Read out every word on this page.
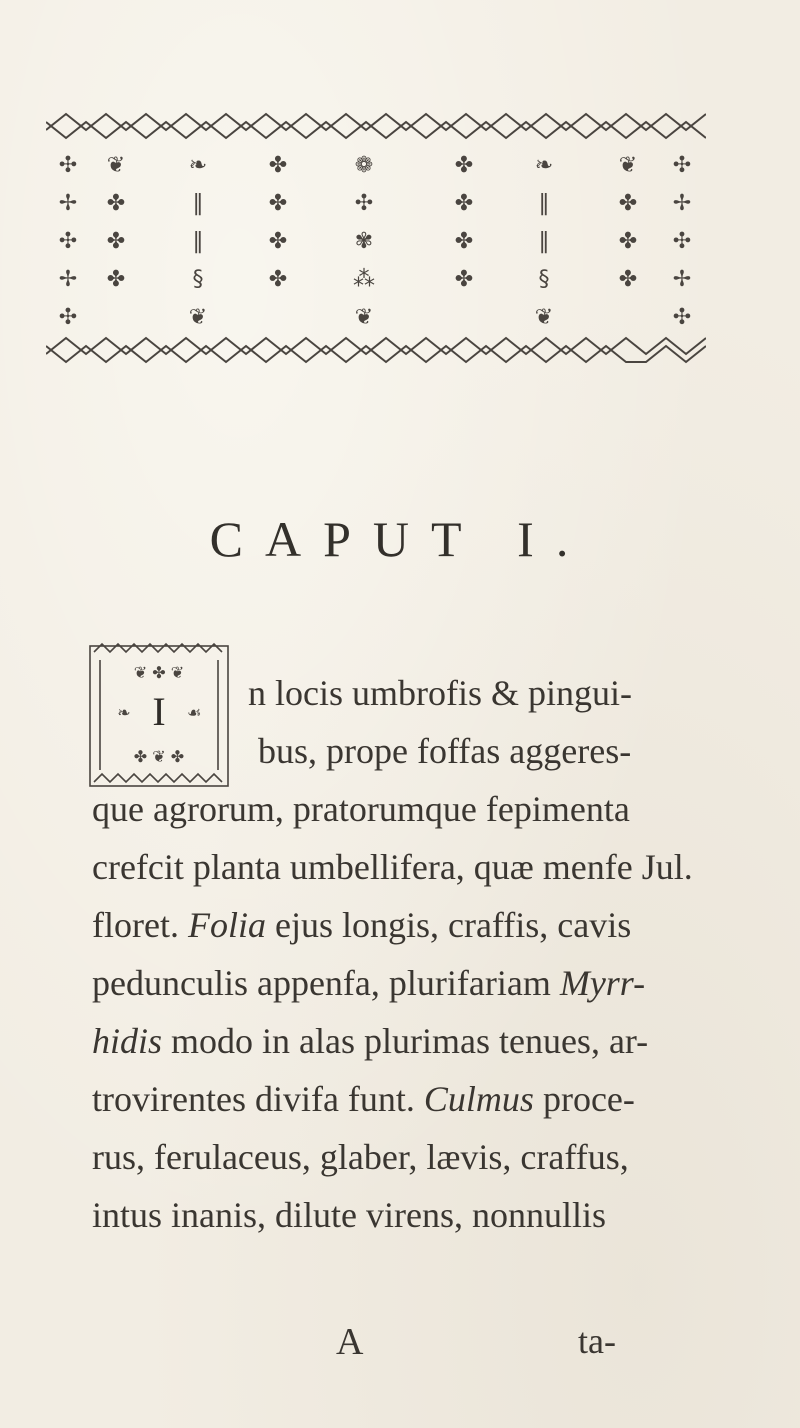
✣
✢
✣
✢
✣
❦
✤
✤
✤
❧
‖
‖
§
❦
✤
✤
✤
✤
❁
✣
✾
⁂
❦
✤
✤
✤
✤
❧
‖
‖
§
❦
❦
✤
✤
✤
✣
✢
✣
✢
✣
CAPUT I.
❦ ✤ ❦
❧	☙
✤ ❦ ✤
I	n locis umbrofis & pingui-
bus, prope foffas aggeres-
que agrorum, pratorumque fepimenta
crefcit planta umbellifera, quæ menfe Jul.
floret. Folia ejus longis, craffis, cavis
pedunculis appenfa, plurifariam Myrr-
hidis modo in alas plurimas tenues, ar-
trovirentes divifa funt. Culmus proce-
rus, ferulaceus, glaber, lævis, craffus,
intus inanis, dilute virens, nonnullis
A	ta-
